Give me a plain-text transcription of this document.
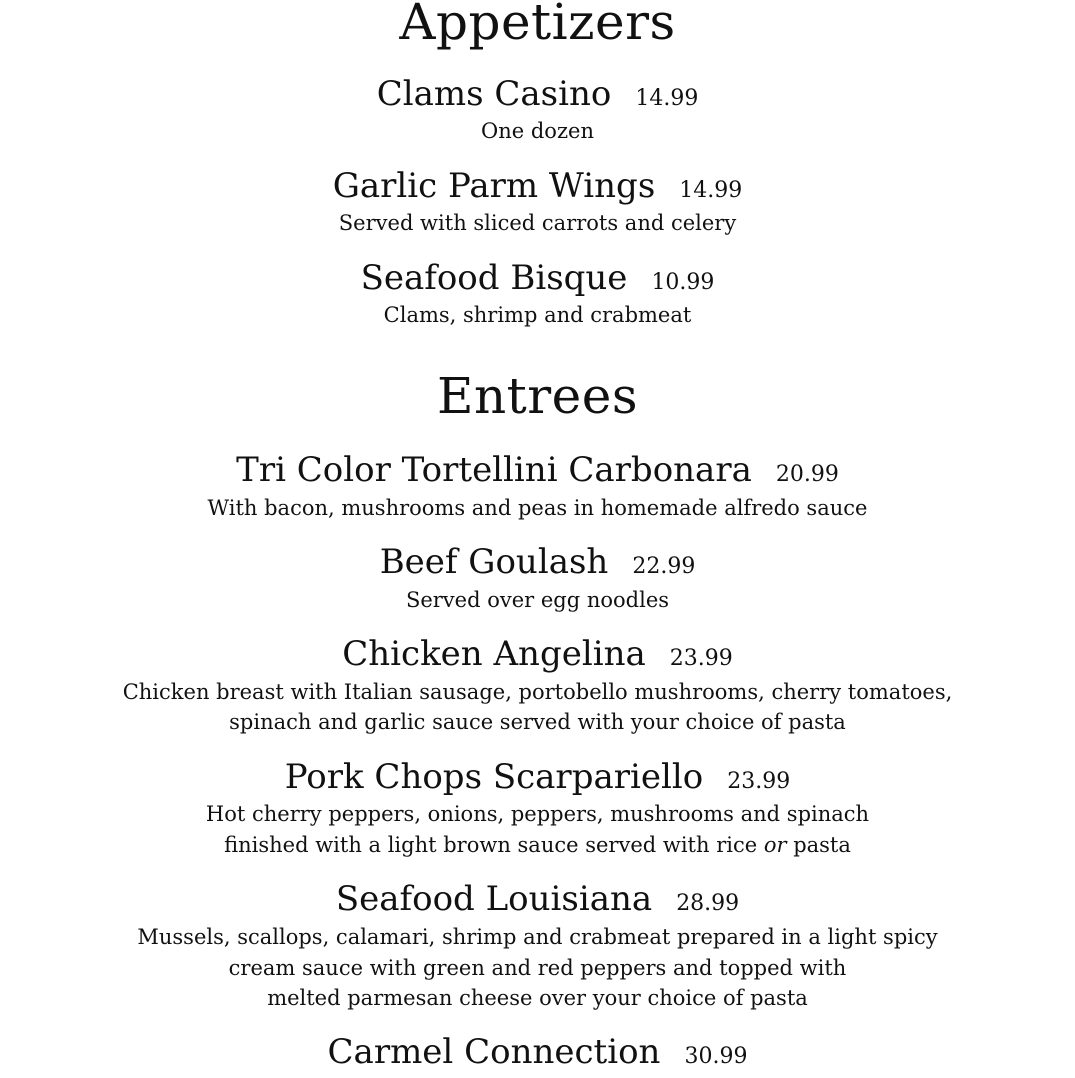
Appetizers
Clams Casino 14.99
One dozen
Garlic Parm Wings 14.99
Served with sliced carrots and celery
Seafood Bisque 10.99
Clams, shrimp and crabmeat
Entrees
Tri Color Tortellini Carbonara 20.99
With bacon, mushrooms and peas in homemade alfredo sauce
Beef Goulash 22.99
Served over egg noodles
Chicken Angelina 23.99
Chicken breast with Italian sausage, portobello mushrooms, cherry tomatoes,
spinach and garlic sauce served with your choice of pasta
Pork Chops Scarpariello 23.99
Hot cherry peppers, onions, peppers, mushrooms and spinach
finished with a light brown sauce served with rice or pasta
Seafood Louisiana 28.99
Mussels, scallops, calamari, shrimp and crabmeat prepared in a light spicy
cream sauce with green and red peppers and topped with
melted parmesan cheese over your choice of pasta
Carmel Connection 30.99
